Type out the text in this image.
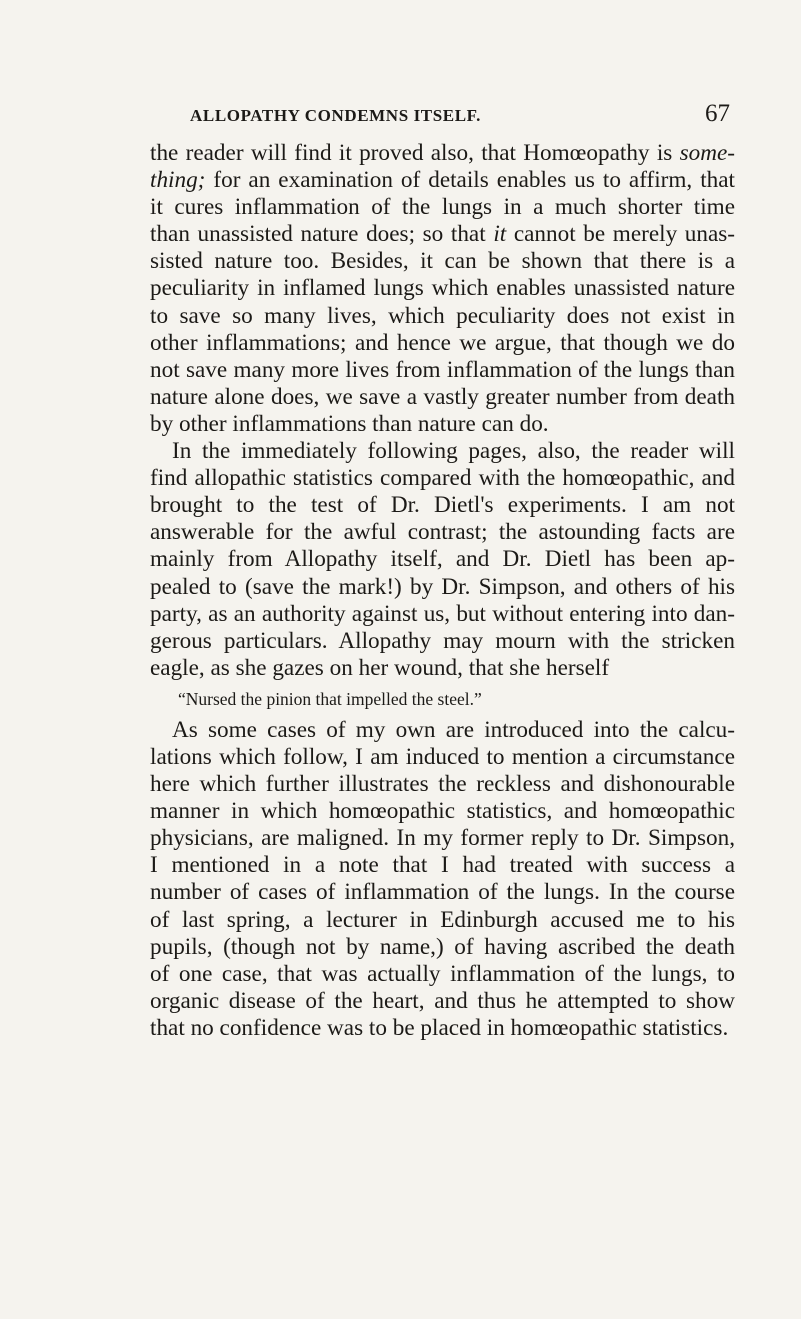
ALLOPATHY CONDEMNS ITSELF.	67
the reader will find it proved also, that Homœopathy is some-
thing; for an examination of details enables us to affirm, that
it cures inflammation of the lungs in a much shorter time
than unassisted nature does; so that it cannot be merely unas-
sisted nature too. Besides, it can be shown that there is a
peculiarity in inflamed lungs which enables unassisted nature
to save so many lives, which peculiarity does not exist in
other inflammations; and hence we argue, that though we do
not save many more lives from inflammation of the lungs than
nature alone does, we save a vastly greater number from death
by other inflammations than nature can do.
In the immediately following pages, also, the reader will
find allopathic statistics compared with the homœopathic, and
brought to the test of Dr. Dietl's experiments. I am not
answerable for the awful contrast; the astounding facts are
mainly from Allopathy itself, and Dr. Dietl has been ap-
pealed to (save the mark!) by Dr. Simpson, and others of his
party, as an authority against us, but without entering into dan-
gerous particulars. Allopathy may mourn with the stricken
eagle, as she gazes on her wound, that she herself
“Nursed the pinion that impelled the steel.”
As some cases of my own are introduced into the calcu-
lations which follow, I am induced to mention a circumstance
here which further illustrates the reckless and dishonourable
manner in which homœopathic statistics, and homœopathic
physicians, are maligned. In my former reply to Dr. Simpson,
I mentioned in a note that I had treated with success a
number of cases of inflammation of the lungs. In the course
of last spring, a lecturer in Edinburgh accused me to his
pupils, (though not by name,) of having ascribed the death
of one case, that was actually inflammation of the lungs, to
organic disease of the heart, and thus he attempted to show
that no confidence was to be placed in homœopathic statistics.
